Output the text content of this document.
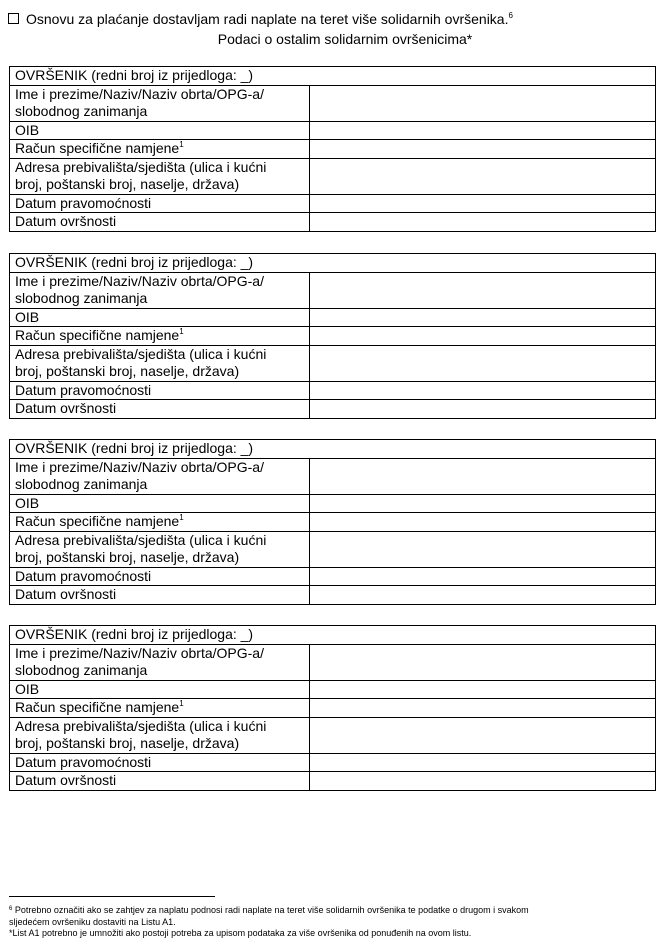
Osnovu za plaćanje dostavljam radi naplate na teret više solidarnih ovršenika.$^6$
Podaci o ostalim solidarnim ovršenicima*
OVRŠENIK (redni broj iz prijedloga: _)	
Ime i prezime/Naziv/Naziv obrta/OPG-a/
slobodnog zanimanja	
OIB	
Račun specifične namjene$^1$	
Adresa prebivališta/sjedišta (ulica i kućni
broj, poštanski broj, naselje, država)	
Datum pravomoćnosti	
Datum ovršnosti	
OVRŠENIK (redni broj iz prijedloga: _)	
Ime i prezime/Naziv/Naziv obrta/OPG-a/
slobodnog zanimanja	
OIB	
Račun specifične namjene$^1$	
Adresa prebivališta/sjedišta (ulica i kućni
broj, poštanski broj, naselje, država)	
Datum pravomoćnosti	
Datum ovršnosti	
OVRŠENIK (redni broj iz prijedloga: _)	
Ime i prezime/Naziv/Naziv obrta/OPG-a/
slobodnog zanimanja	
OIB	
Račun specifične namjene$^1$	
Adresa prebivališta/sjedišta (ulica i kućni
broj, poštanski broj, naselje, država)	
Datum pravomoćnosti	
Datum ovršnosti	
OVRŠENIK (redni broj iz prijedloga: _)	
Ime i prezime/Naziv/Naziv obrta/OPG-a/
slobodnog zanimanja	
OIB	
Račun specifične namjene$^1$	
Adresa prebivališta/sjedišta (ulica i kućni
broj, poštanski broj, naselje, država)	
Datum pravomoćnosti	
Datum ovršnosti	

$^6$ Potrebno označiti ako se zahtjev za naplatu podnosi radi naplate na teret više solidarnih ovršenika te podatke o drugom i svakom

sljedećem ovršeniku dostaviti na Listu A1.

*List A1 potrebno je umnožiti ako postoji potreba za upisom podataka za više ovršenika od ponuđenih na ovom listu.
